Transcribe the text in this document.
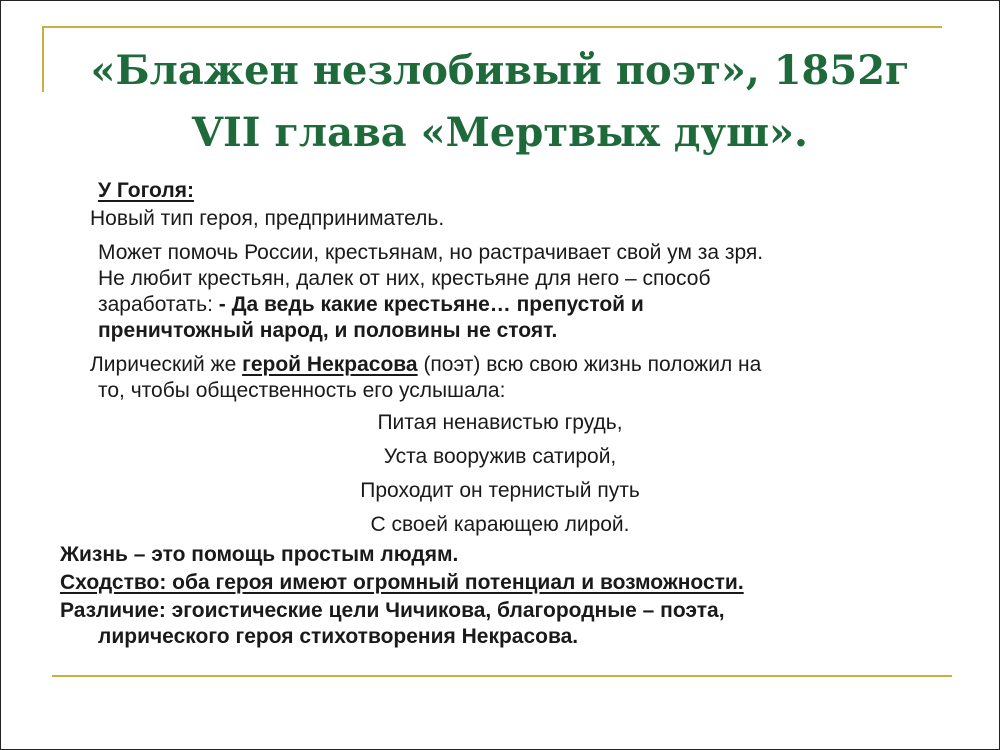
«Блажен незлобивый поэт», 1852г
VII глава «Мертвых душ».
У Гоголя:
Новый тип героя, предприниматель.
Может помочь России, крестьянам, но растрачивает свой ум за зря.
Не любит крестьян, далек от них, крестьяне для него – способ
заработать: - Да ведь какие крестьяне… препустой и
преничтожный народ, и половины не стоят.
Лирический же герой Некрасова (поэт) всю свою жизнь положил на
то, чтобы общественность его услышала:
Питая ненавистью грудь,
Уста вооружив сатирой,
Проходит он тернистый путь
С своей карающею лирой.
Жизнь – это помощь простым людям.
Сходство: оба героя имеют огромный потенциал и возможности.
Различие: эгоистические цели Чичикова, благородные – поэта,
лирического героя стихотворения Некрасова.
